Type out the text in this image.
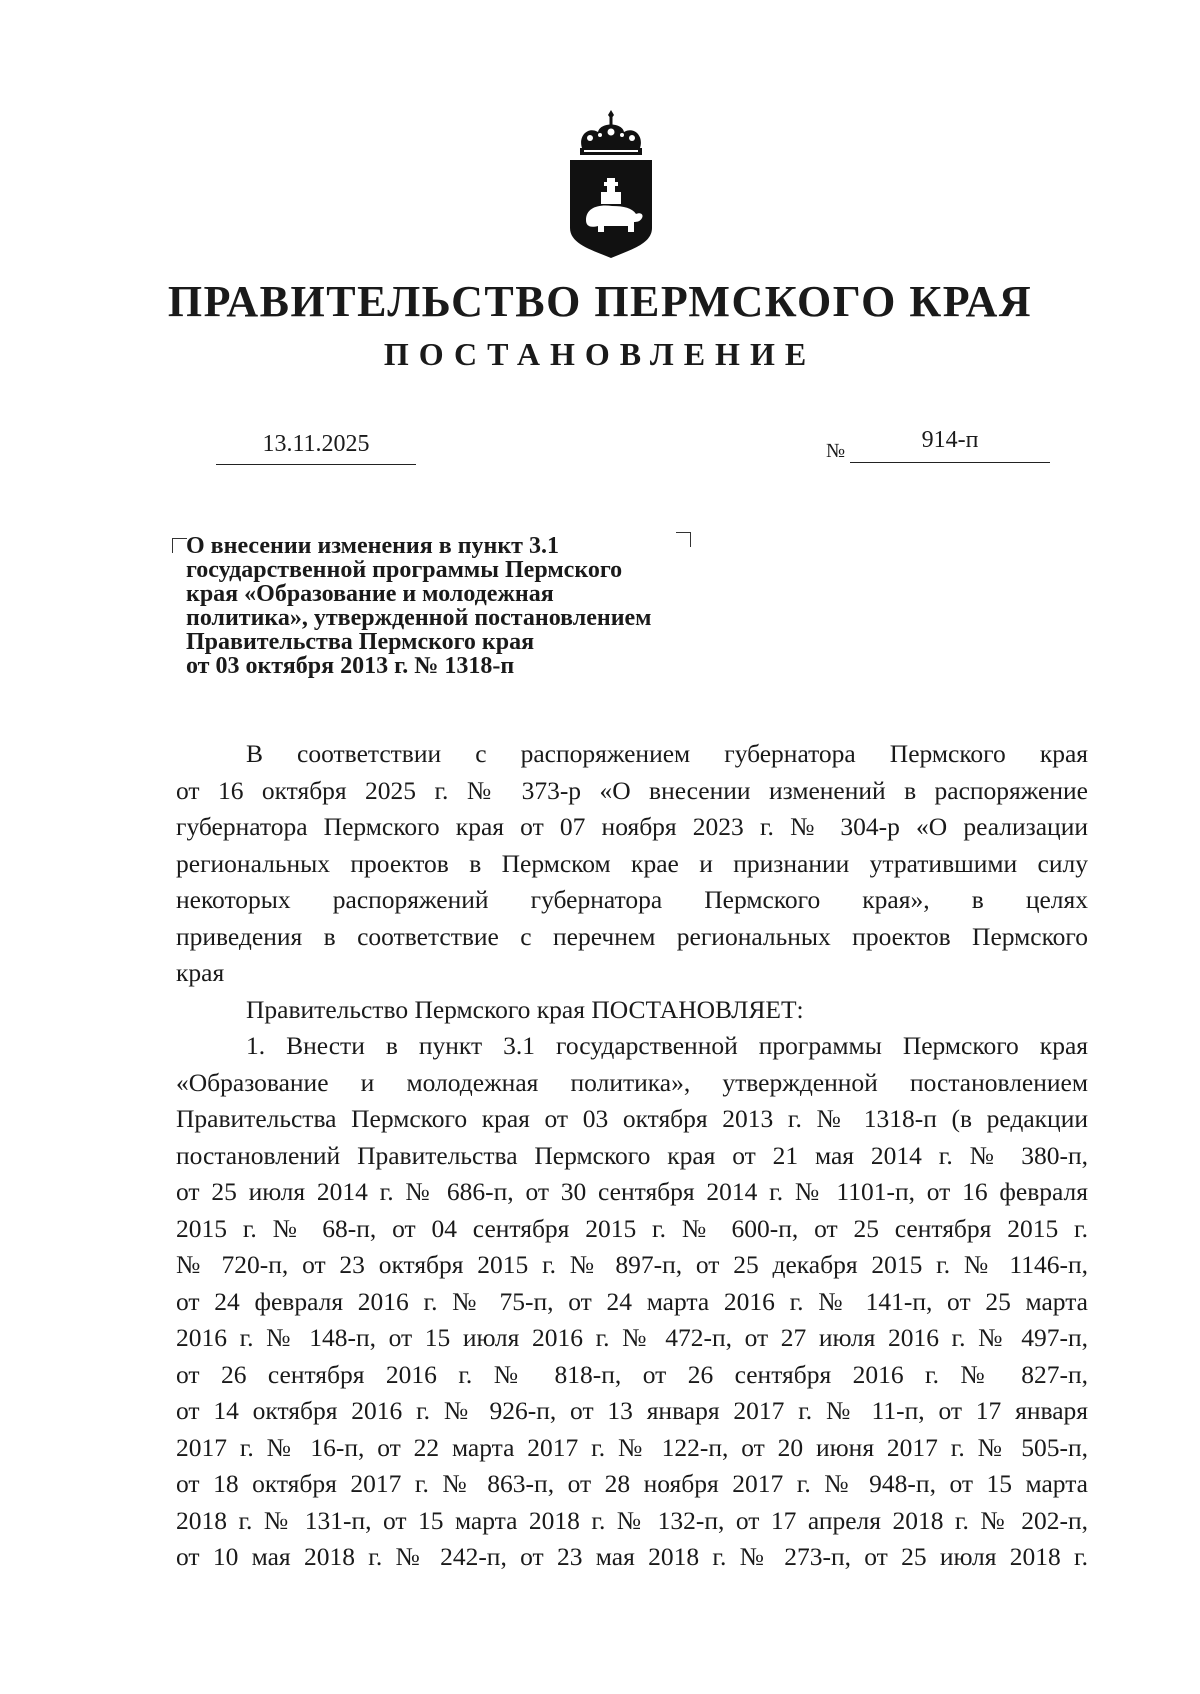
ПРАВИТЕЛЬСТВО ПЕРМСКОГО КРАЯ
ПОСТАНОВЛЕНИЕ
13.11.2025	№	914-п
О внесении изменения в пункт 3.1
государственной программы Пермского
края «Образование и молодежная
политика», утвержденной постановлением
Правительства Пермского края
от 03 октября 2013 г. № 1318-п
В соответствии с распоряжением губернатора Пермского края
от 16 октября 2025 г. № 373-р «О внесении изменений в распоряжение
губернатора Пермского края от 07 ноября 2023 г. № 304-р «О реализации
региональных проектов в Пермском крае и признании утратившими силу
некоторых распоряжений губернатора Пермского края», в целях
приведения в соответствие с перечнем региональных проектов Пермского
края
Правительство Пермского края ПОСТАНОВЛЯЕТ:
1. Внести в пункт 3.1 государственной программы Пермского края
«Образование и молодежная политика», утвержденной постановлением
Правительства Пермского края от 03 октября 2013 г. № 1318-п (в редакции
постановлений Правительства Пермского края от 21 мая 2014 г. № 380-п,
от 25 июля 2014 г. № 686-п, от 30 сентября 2014 г. № 1101-п, от 16 февраля
2015 г. № 68-п, от 04 сентября 2015 г. № 600-п, от 25 сентября 2015 г.
№ 720-п, от 23 октября 2015 г. № 897-п, от 25 декабря 2015 г. № 1146-п,
от 24 февраля 2016 г. № 75-п, от 24 марта 2016 г. № 141-п, от 25 марта
2016 г. № 148-п, от 15 июля 2016 г. № 472-п, от 27 июля 2016 г. № 497-п,
от 26 сентября 2016 г. № 818-п, от 26 сентября 2016 г. № 827-п,
от 14 октября 2016 г. № 926-п, от 13 января 2017 г. № 11-п, от 17 января
2017 г. № 16-п, от 22 марта 2017 г. № 122-п, от 20 июня 2017 г. № 505-п,
от 18 октября 2017 г. № 863-п, от 28 ноября 2017 г. № 948-п, от 15 марта
2018 г. № 131-п, от 15 марта 2018 г. № 132-п, от 17 апреля 2018 г. № 202-п,
от 10 мая 2018 г. № 242-п, от 23 мая 2018 г. № 273-п, от 25 июля 2018 г.
